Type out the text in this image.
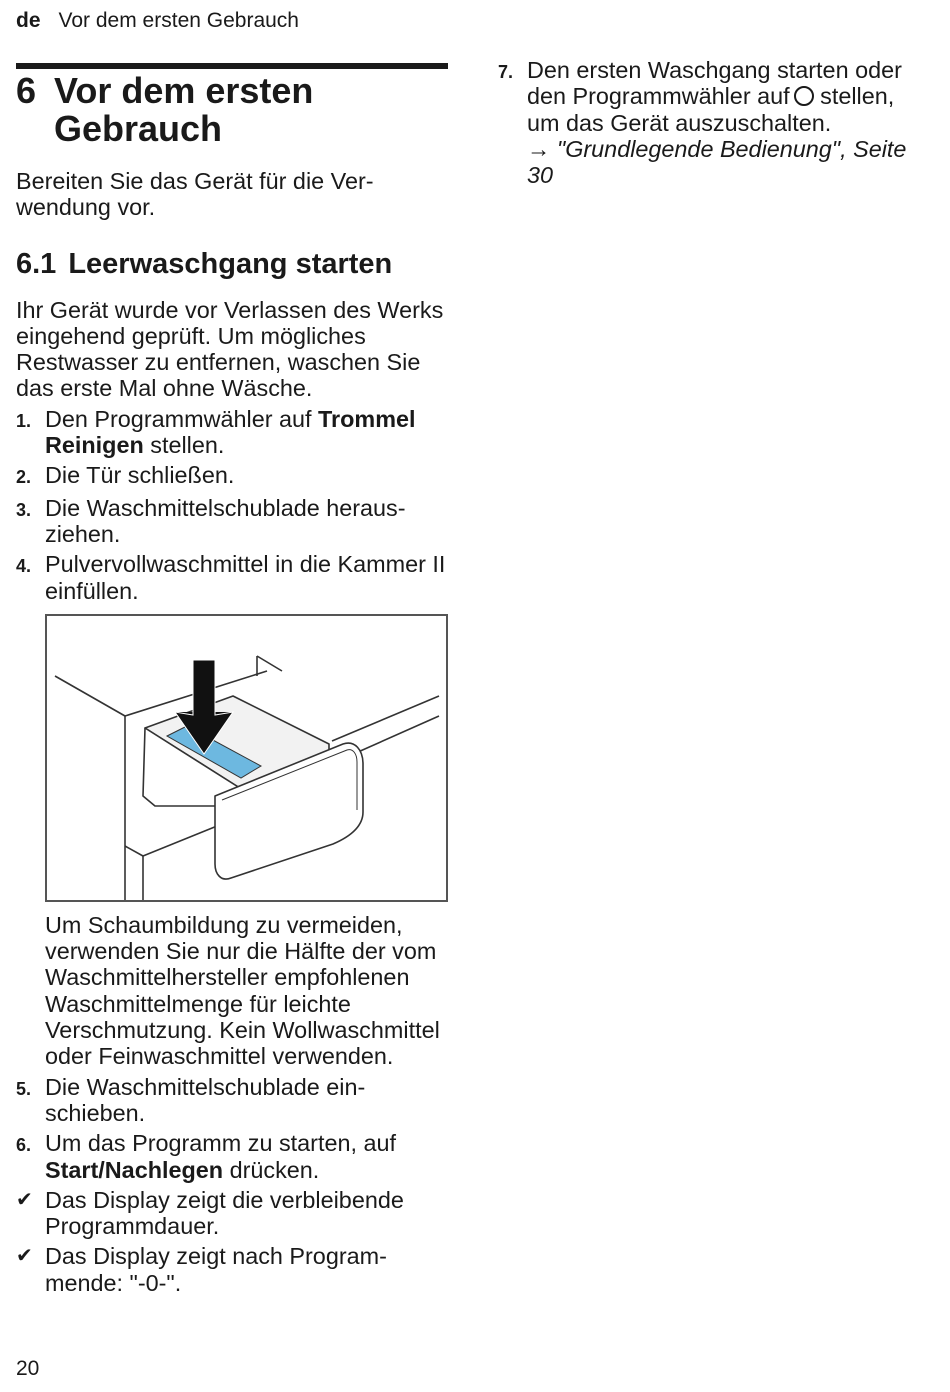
de Vor dem ersten Gebrauch
6 Vor dem ersten
Gebrauch

Bereiten Sie das Gerät für die Verwendung vor.

6.1 Leerwaschgang starten

Ihr Gerät wurde vor Verlassen des Werks eingehend geprüft. Um mögliches Restwasser zu entfernen, waschen Sie das erste Mal ohne Wäsche.

1. Den Programmwähler auf Trommel Reinigen stellen.
2. Die Tür schließen.
3. Die Waschmittelschublade herausziehen.
4. Pulvervollwaschmittel in die Kammer II einfüllen.

Um Schaumbildung zu vermeiden, verwenden Sie nur die Hälfte der vom Waschmittelhersteller empfohlenen Waschmittelmenge für leichte Verschmutzung. Kein Wollwaschmittel oder Feinwaschmittel verwenden.

5. Die Waschmittelschublade einschieben.
6. Um das Programm zu starten, auf Start/Nachlegen drücken.
✔ Das Display zeigt die verbleibende Programmdauer.
✔ Das Display zeigt nach Programmende: "-0-".
7. Den ersten Waschgang starten oder den Programmwähler auf stellen, um das Gerät auszuschalten.
→ "Grundlegende Bedienung", Seite 30
20
